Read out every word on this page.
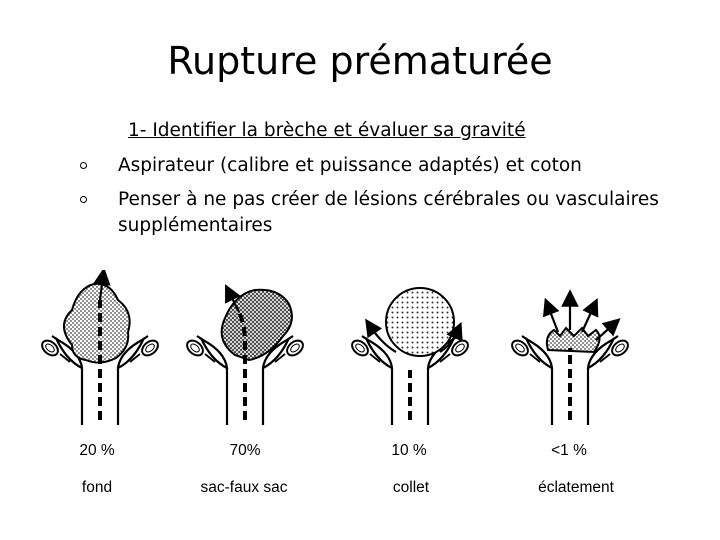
Rupture prématurée
1- Identifier la brèche et évaluer sa gravité
Aspirateur (calibre et puissance adaptés) et coton
Penser à ne pas créer de lésions cérébrales ou vasculaires supplémentaires
20 %	70%	10 %	<1 %
fond	sac-faux sac	collet	éclatement
